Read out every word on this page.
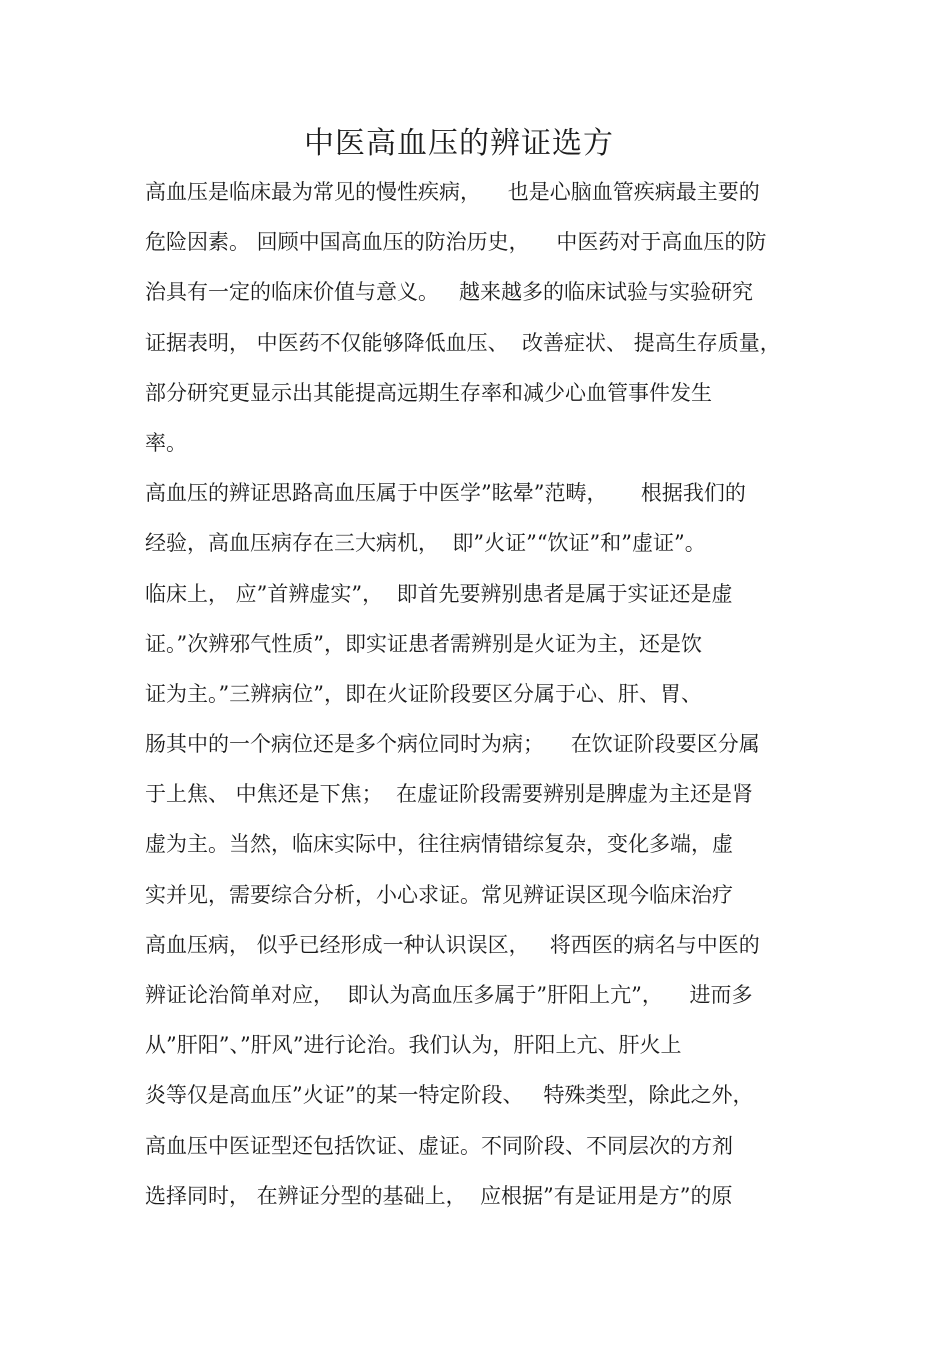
中医高血压的辨证选方
高血压是临床最为常见的慢性疾病，    也是心脑血管疾病最主要的
危险因素。 回顾中国高血压的防治历史，    中医药对于高血压的防
治具有一定的临床价值与意义。   越来越多的临床试验与实验研究
证据表明， 中医药不仅能够降低血压、  改善症状、 提高生存质量，
部分研究更显示出其能提高远期生存率和减少心血管事件发生
率。
高血压的辨证思路高血压属于中医学”眩晕”范畴，     根据我们的
经验，高血压病存在三大病机，  即”火证”“饮证”和”虚证”。
临床上， 应”首辨虚实”，  即首先要辨别患者是属于实证还是虚
证。”次辨邪气性质”，即实证患者需辨别是火证为主，还是饮
证为主。”三辨病位”，即在火证阶段要区分属于心、肝、胃、
肠其中的一个病位还是多个病位同时为病；    在饮证阶段要区分属
于上焦、 中焦还是下焦；  在虚证阶段需要辨别是脾虚为主还是肾
虚为主。当然，临床实际中，往往病情错综复杂，变化多端，虚
实并见，需要综合分析，小心求证。常见辨证误区现今临床治疗
高血压病， 似乎已经形成一种认识误区，   将西医的病名与中医的
辨证论治简单对应，  即认为高血压多属于”肝阳上亢”，    进而多
从”肝阳”、”肝风”进行论治。我们认为，肝阳上亢、肝火上
炎等仅是高血压”火证”的某一特定阶段、   特殊类型，除此之外，
高血压中医证型还包括饮证、虚证。不同阶段、不同层次的方剂
选择同时， 在辨证分型的基础上，  应根据”有是证用是方”的原
